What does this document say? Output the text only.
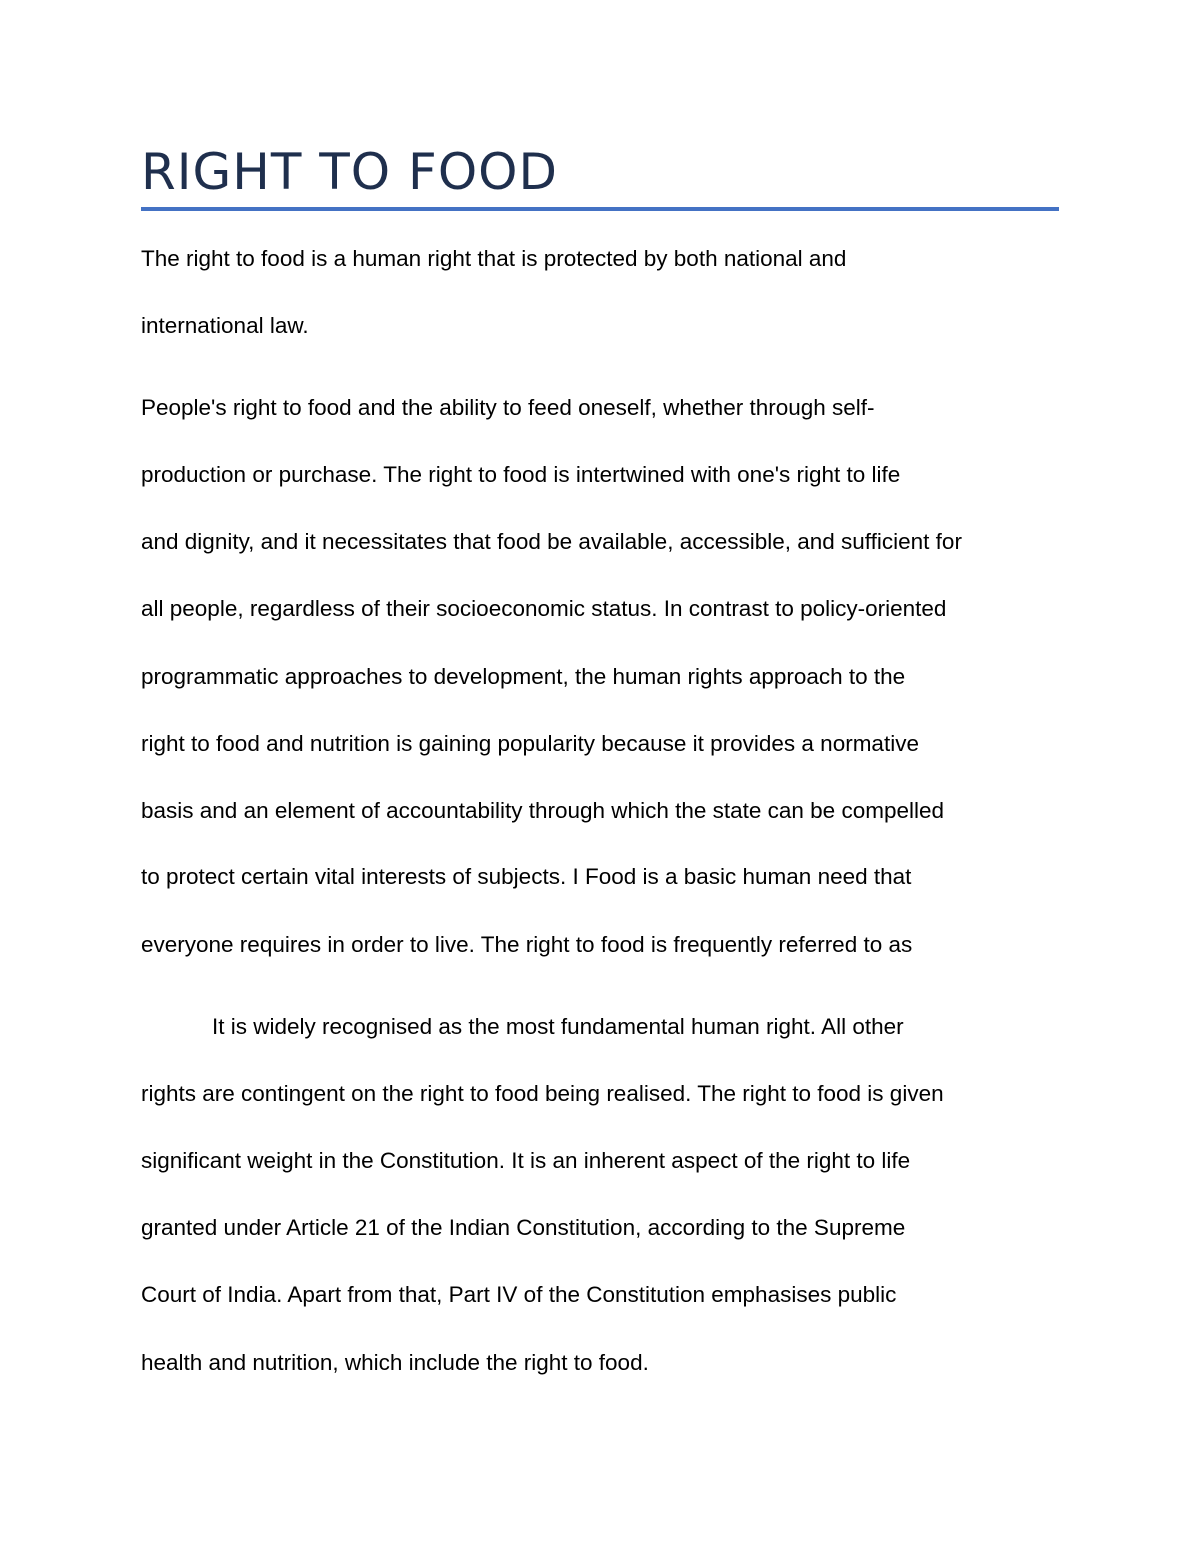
RIGHT TO FOOD

The right to food is a human right that is protected by both national and

international law.

People's right to food and the ability to feed oneself, whether through self-

production or purchase. The right to food is intertwined with one's right to life

and dignity, and it necessitates that food be available, accessible, and sufficient for

all people, regardless of their socioeconomic status. In contrast to policy-oriented

programmatic approaches to development, the human rights approach to the

right to food and nutrition is gaining popularity because it provides a normative

basis and an element of accountability through which the state can be compelled

to protect certain vital interests of subjects. I Food is a basic human need that

everyone requires in order to live. The right to food is frequently referred to as

It is widely recognised as the most fundamental human right. All other

rights are contingent on the right to food being realised. The right to food is given

significant weight in the Constitution. It is an inherent aspect of the right to life

granted under Article 21 of the Indian Constitution, according to the Supreme

Court of India. Apart from that, Part IV of the Constitution emphasises public

health and nutrition, which include the right to food.
